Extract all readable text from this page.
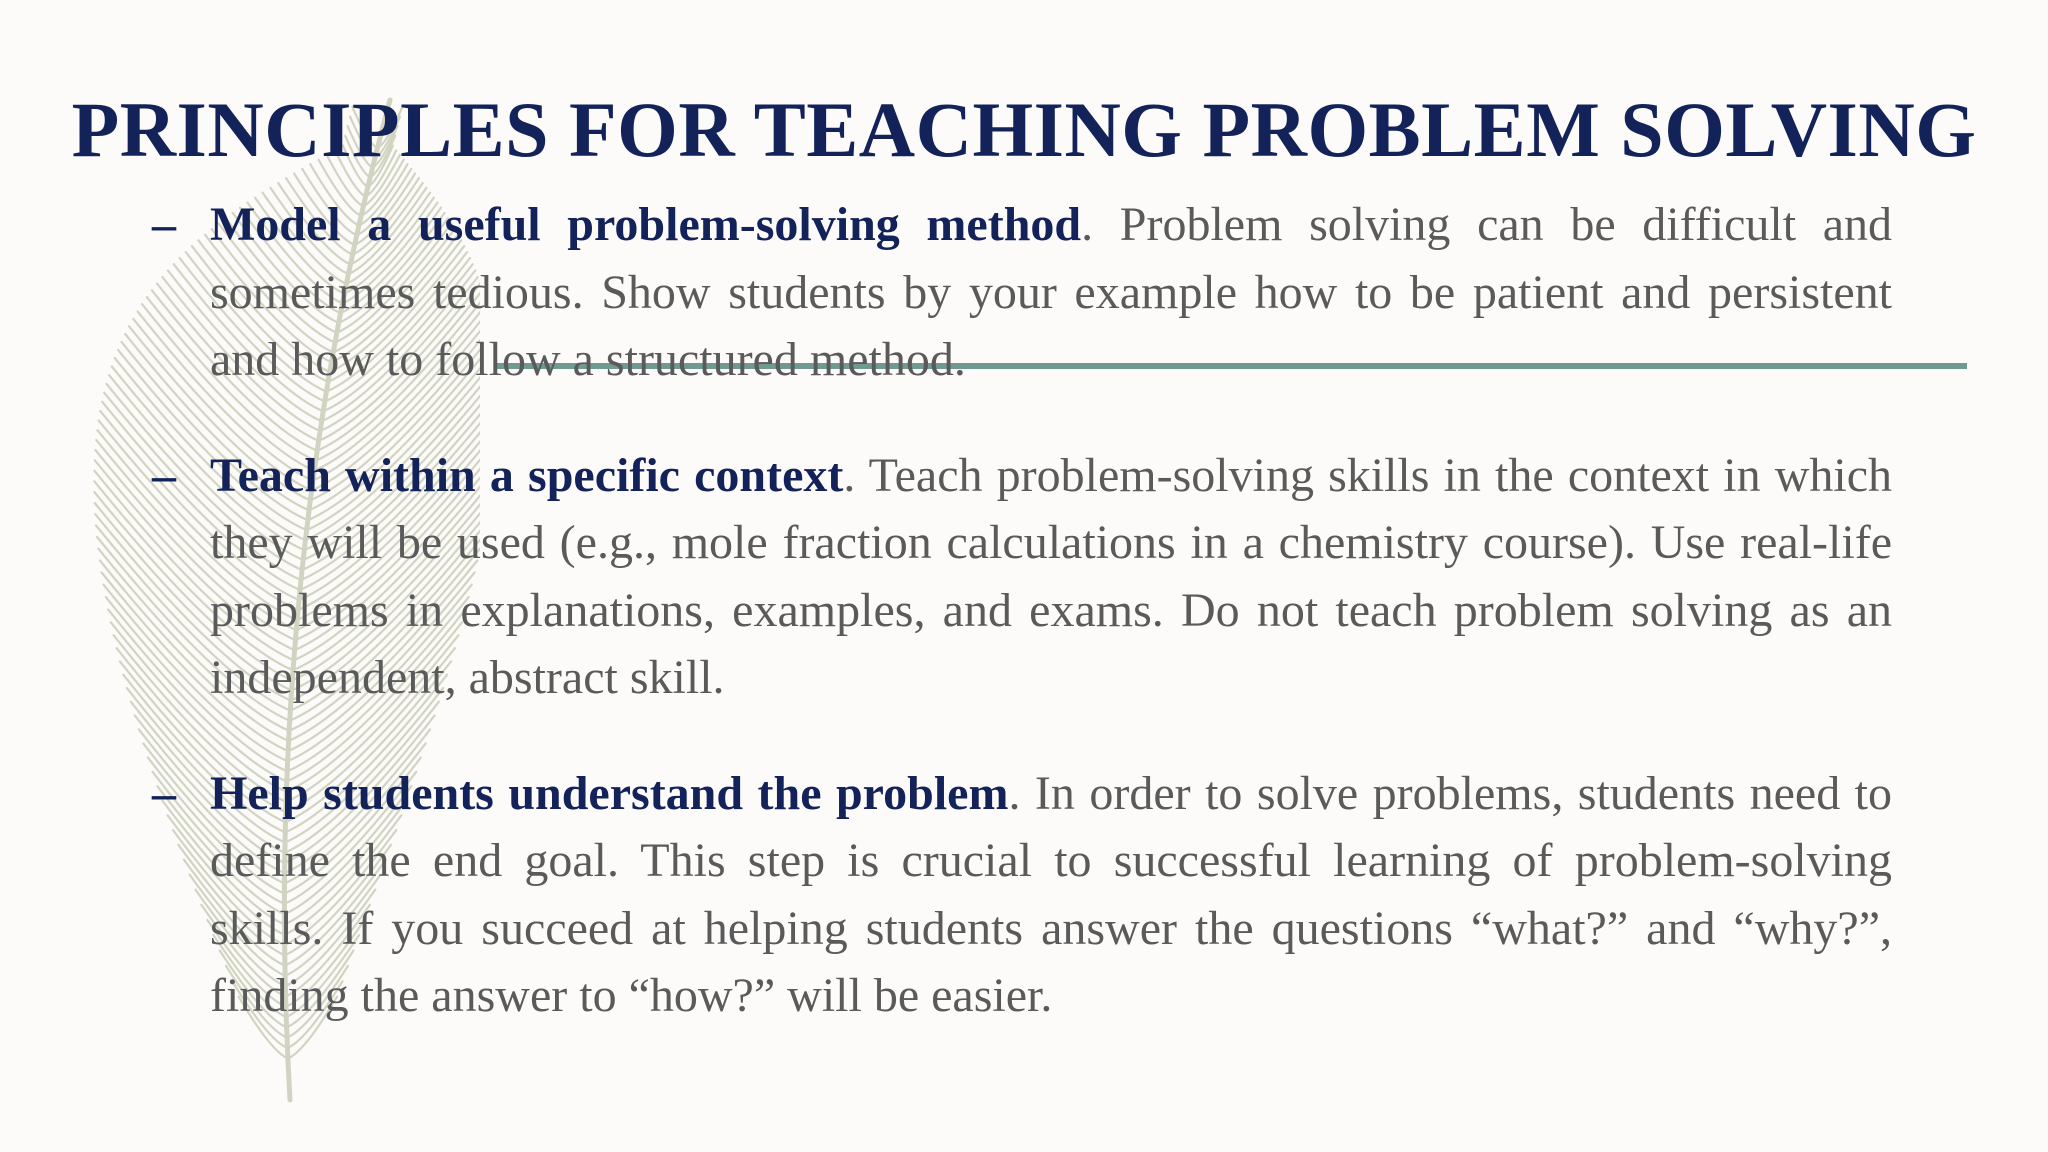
PRINCIPLES FOR TEACHING PROBLEM SOLVING

– Model a useful problem-solving method. Problem solving can be difficult and sometimes tedious. Show students by your example how to be patient and persistent and how to follow a structured method.

– Teach within a specific context. Teach problem-solving skills in the context in which they will be used (e.g., mole fraction calculations in a chemistry course). Use real-life problems in explanations, examples, and exams. Do not teach problem solving as an independent, abstract skill.

– Help students understand the problem. In order to solve problems, students need to define the end goal. This step is crucial to successful learning of problem-solving skills. If you succeed at helping students answer the questions “what?” and “why?”, finding the answer to “how?” will be easier.
